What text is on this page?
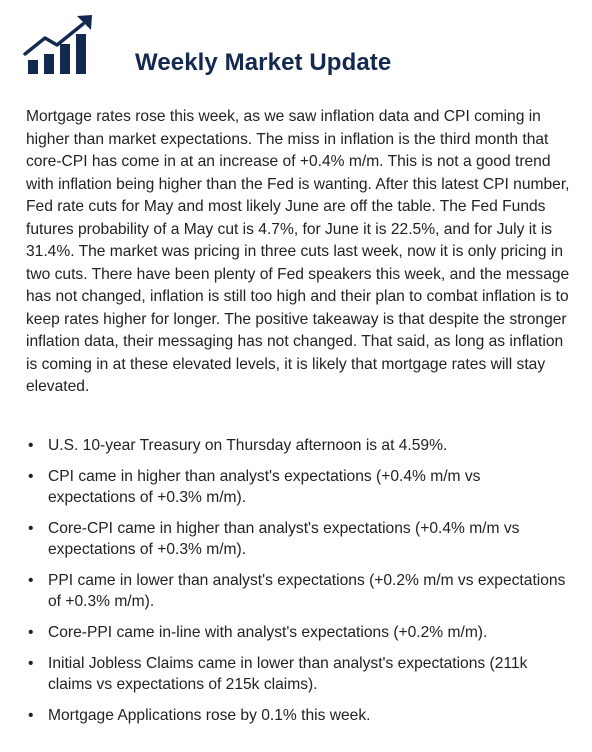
Weekly Market Update

Mortgage rates rose this week, as we saw inflation data and CPI coming in higher than market expectations. The miss in inflation is the third month that core-CPI has come in at an increase of +0.4% m/m. This is not a good trend with inflation being higher than the Fed is wanting. After this latest CPI number, Fed rate cuts for May and most likely June are off the table. The Fed Funds futures probability of a May cut is 4.7%, for June it is 22.5%, and for July it is 31.4%. The market was pricing in three cuts last week, now it is only pricing in two cuts. There have been plenty of Fed speakers this week, and the message has not changed, inflation is still too high and their plan to combat inflation is to keep rates higher for longer. The positive takeaway is that despite the stronger inflation data, their messaging has not changed. That said, as long as inflation is coming in at these elevated levels, it is likely that mortgage rates will stay elevated.

• U.S. 10-year Treasury on Thursday afternoon is at 4.59%.
• CPI came in higher than analyst's expectations (+0.4% m/m vs expectations of +0.3% m/m).
• Core-CPI came in higher than analyst's expectations (+0.4% m/m vs expectations of +0.3% m/m).
• PPI came in lower than analyst's expectations (+0.2% m/m vs expectations of +0.3% m/m).
• Core-PPI came in-line with analyst's expectations (+0.2% m/m).
• Initial Jobless Claims came in lower than analyst's expectations (211k claims vs expectations of 215k claims).
• Mortgage Applications rose by 0.1% this week.
